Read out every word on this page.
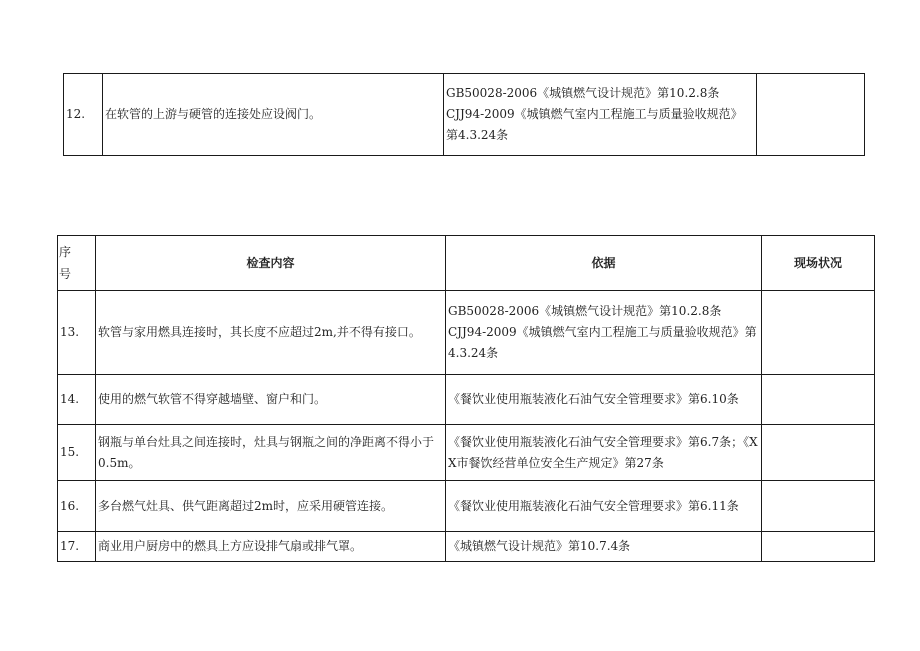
12.	在软管的上游与硬管的连接处应设阀门。	GB50028-2006《城镇燃气设计规范》第10.2.8条
CJJ94-2009《城镇燃气室内工程施工与质量验收规范》第4.3.24条	
序
号	检查内容	依据	现场状况
13.	软管与家用燃具连接时，其长度不应超过2m,并不得有接口。	GB50028-2006《城镇燃气设计规范》第10.2.8条
CJJ94-2009《城镇燃气室内工程施工与质量验收规范》第4.3.24条	
14.	使用的燃气软管不得穿越墙壁、窗户和门。	《餐饮业使用瓶装液化石油气安全管理要求》第6.10条	
15.	钢瓶与单台灶具之间连接时，灶具与钢瓶之间的净距离不得小于0.5m。	《餐饮业使用瓶装液化石油气安全管理要求》第6.7条；《XX市餐饮经营单位安全生产规定》第27条	
16.	多台燃气灶具、供气距离超过2m时，应采用硬管连接。	《餐饮业使用瓶装液化石油气安全管理要求》第6.11条	
17.	商业用户厨房中的燃具上方应设排气扇或排气罩。	《城镇燃气设计规范》第10.7.4条	
